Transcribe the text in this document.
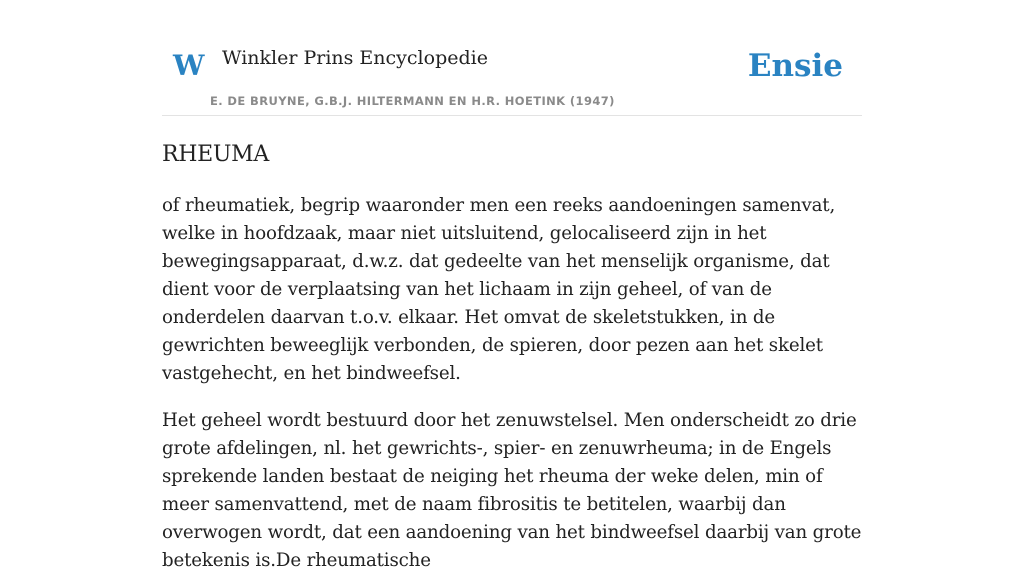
W Winkler Prins Encyclopedie
E. DE BRUYNE, G.B.J. HILTERMANN EN H.R. HOETINK (1947)
Ensie
RHEUMA

of rheumatiek, begrip waaronder men een reeks aandoeningen samenvat, welke in hoofdzaak, maar niet uitsluitend, gelocaliseerd zijn in het bewegingsapparaat, d.w.z. dat gedeelte van het menselijk organisme, dat dient voor de verplaatsing van het lichaam in zijn geheel, of van de onderdelen daarvan t.o.v. elkaar. Het omvat de skeletstukken, in de gewrichten beweeglijk verbonden, de spieren, door pezen aan het skelet vastgehecht, en het bindweefsel.

Het geheel wordt bestuurd door het zenuwstelsel. Men onderscheidt zo drie grote afdelingen, nl. het gewrichts-, spier- en zenuwrheuma; in de Engels sprekende landen bestaat de neiging het rheuma der weke delen, min of meer samenvattend, met de naam fibrositis te betitelen, waarbij dan overwogen wordt, dat een aandoening van het bindweefsel daarbij van grote betekenis is.De rheumatische
